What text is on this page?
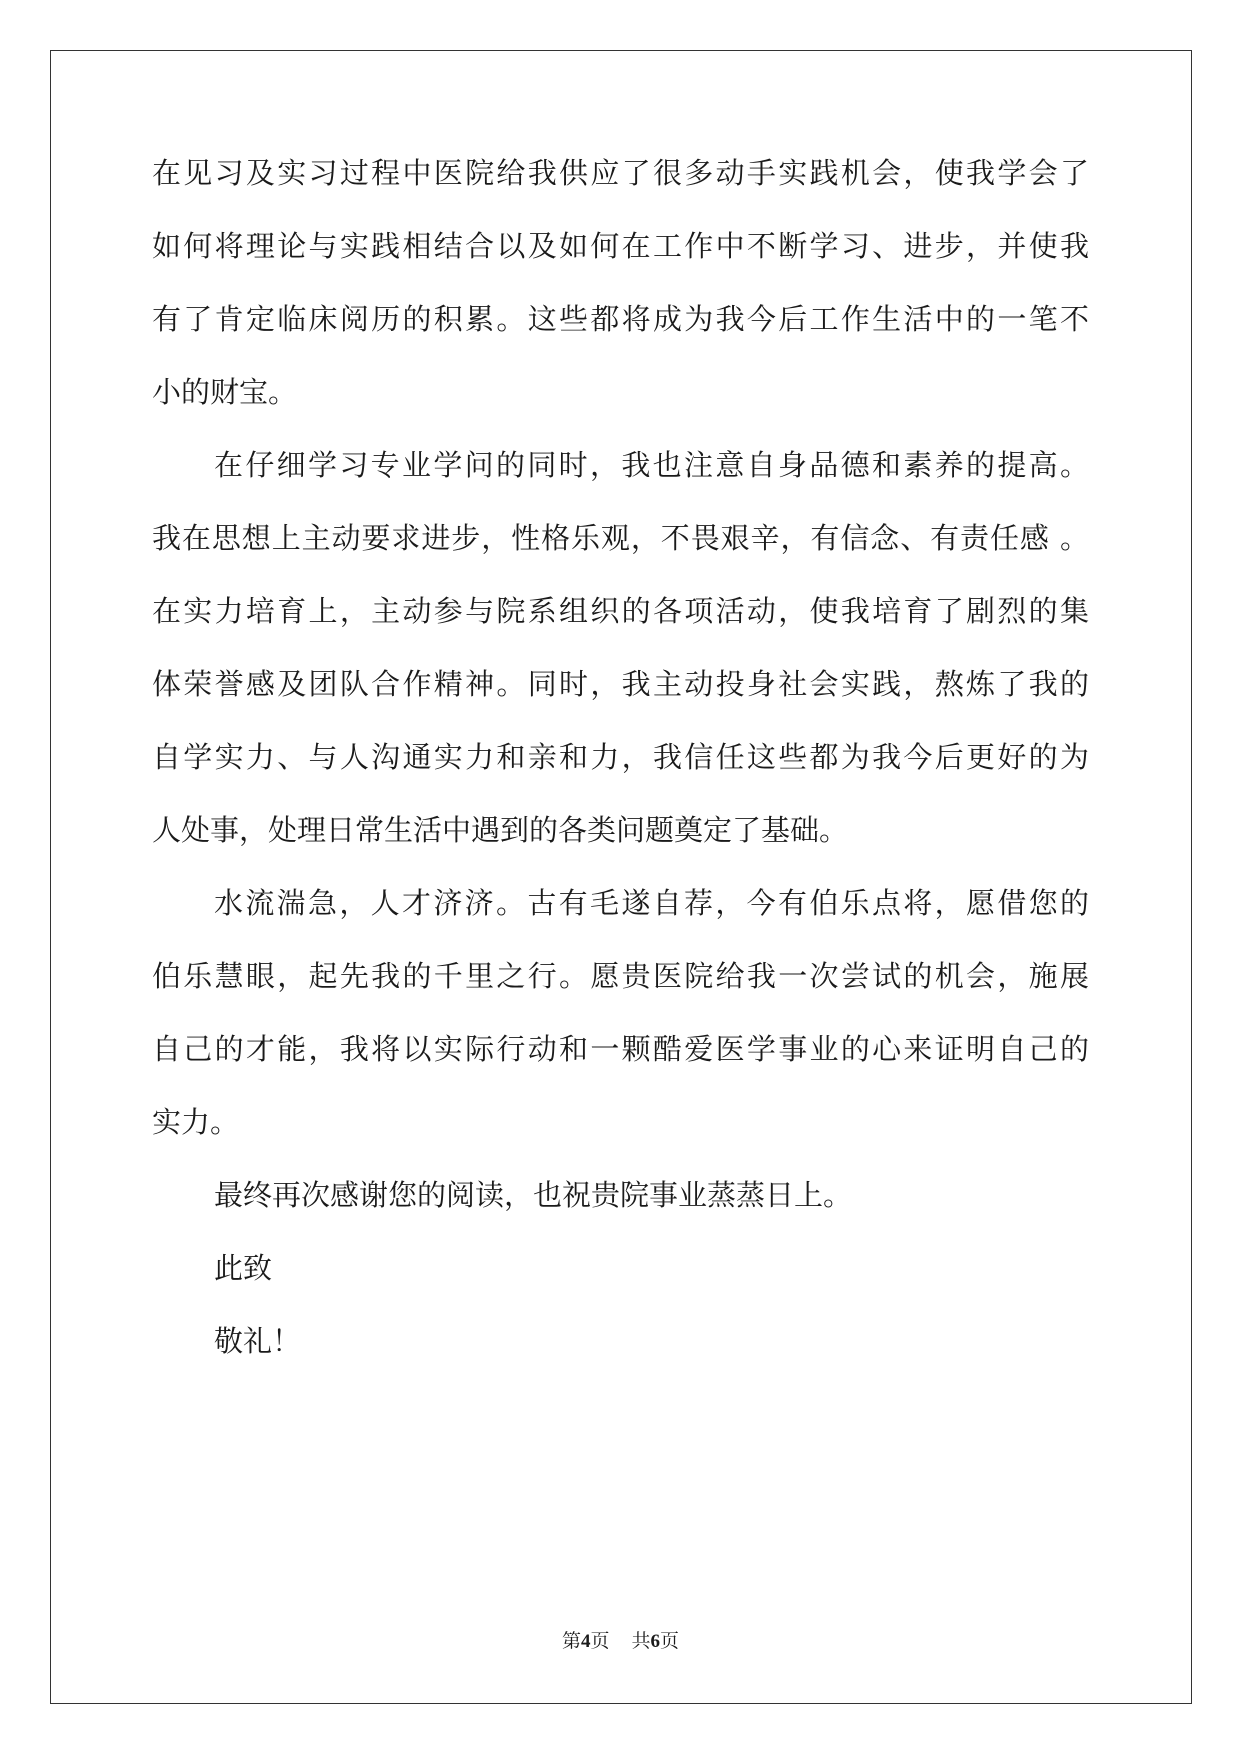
在见习及实习过程中医院给我供应了很多动手实践机会，使我学会了

如何将理论与实践相结合以及如何在工作中不断学习、进步，并使我

有了肯定临床阅历的积累。这些都将成为我今后工作生活中的一笔不

小的财宝。

在仔细学习专业学问的同时，我也注意自身品德和素养的提高。

我在思想上主动要求进步，性格乐观，不畏艰辛，有信念、有责任感 。

在实力培育上，主动参与院系组织的各项活动，使我培育了剧烈的集

体荣誉感及团队合作精神。同时，我主动投身社会实践，熬炼了我的

自学实力、与人沟通实力和亲和力，我信任这些都为我今后更好的为

人处事，处理日常生活中遇到的各类问题奠定了基础。

水流湍急，人才济济。古有毛遂自荐，今有伯乐点将，愿借您的

伯乐慧眼，起先我的千里之行。愿贵医院给我一次尝试的机会，施展

自己的才能，我将以实际行动和一颗酷爱医学事业的心来证明自己的

实力。

最终再次感谢您的阅读，也祝贵院事业蒸蒸日上。

此致

敬礼！

第4页 共6页
